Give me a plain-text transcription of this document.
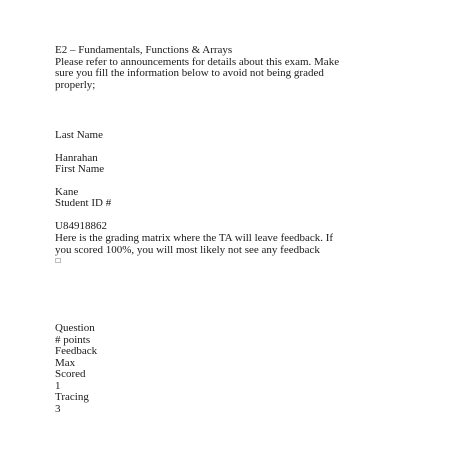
E2 – Fundamentals, Functions & Arrays
Please refer to announcements for details about this exam. Make
sure you fill the information below to avoid not being graded
properly;
Last Name
Hanrahan
First Name
Kane
Student ID #
U84918862
Here is the grading matrix where the TA will leave feedback. If
you scored 100%, you will most likely not see any feedback
☐
Question
# points
Feedback
Max
Scored
1
Tracing
3
